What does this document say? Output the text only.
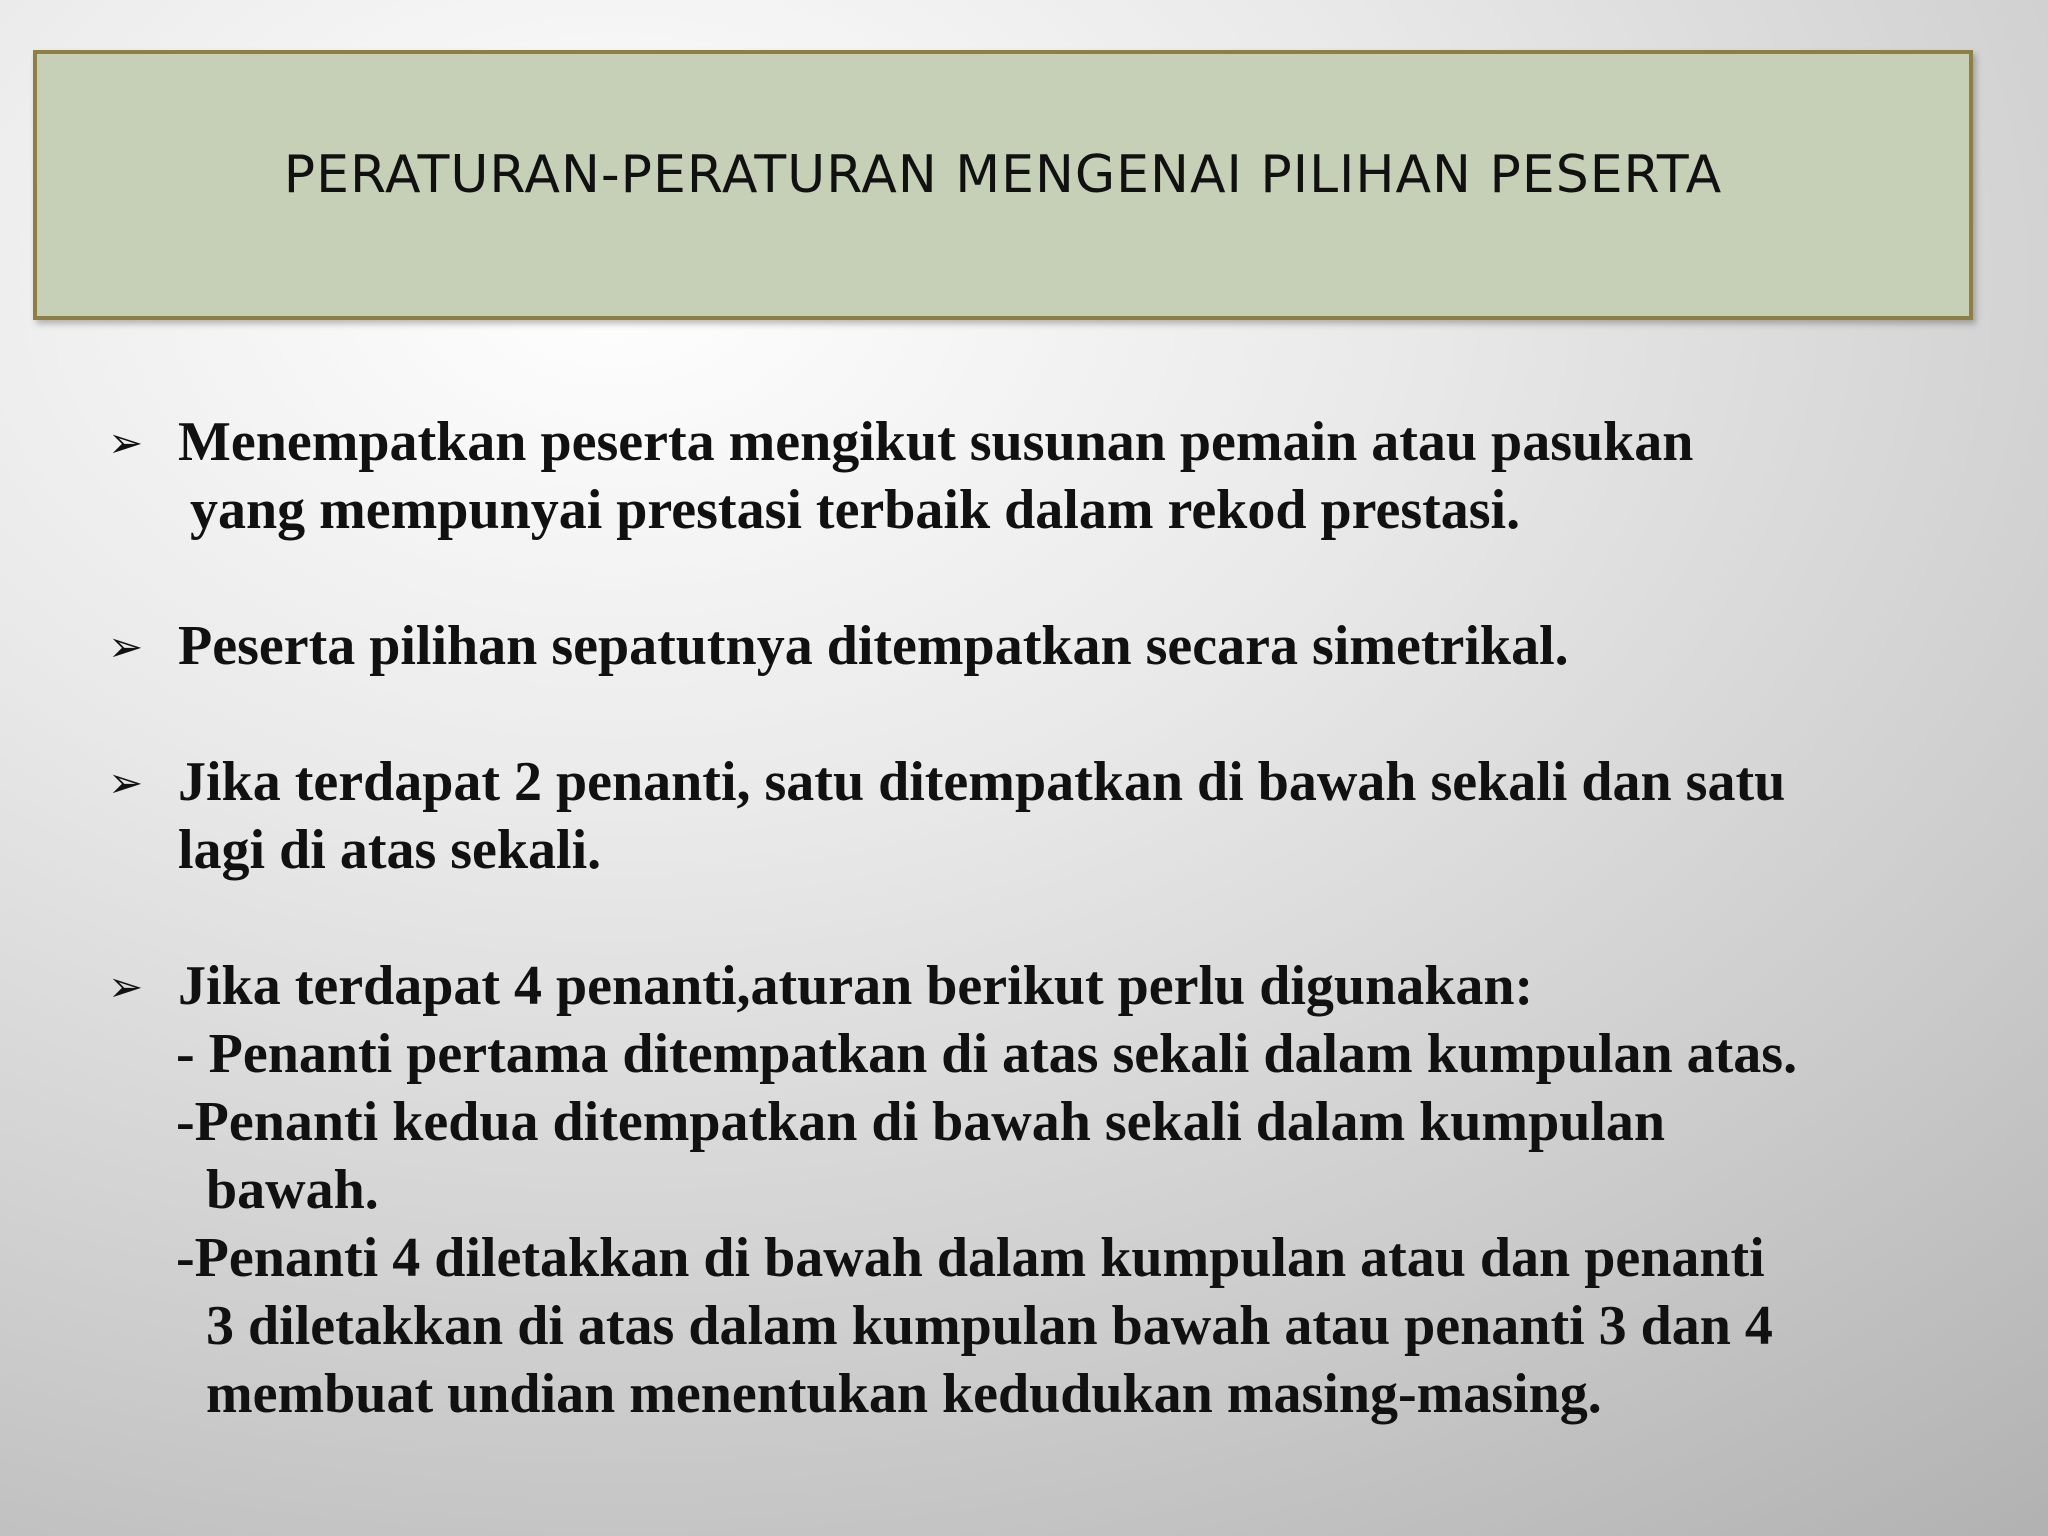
PERATURAN-PERATURAN MENGENAI PILIHAN PESERTA
➢ Menempatkan peserta mengikut susunan pemain atau pasukan
yang mempunyai prestasi terbaik dalam rekod prestasi.
➢ Peserta pilihan sepatutnya ditempatkan secara simetrikal.
➢ Jika terdapat 2 penanti, satu ditempatkan di bawah sekali dan satu
lagi di atas sekali.
➢ Jika terdapat 4 penanti,aturan berikut perlu digunakan:
- Penanti pertama ditempatkan di atas sekali dalam kumpulan atas.
-Penanti kedua ditempatkan di bawah sekali dalam kumpulan
bawah.
-Penanti 4 diletakkan di bawah dalam kumpulan atau dan penanti
3 diletakkan di atas dalam kumpulan bawah atau penanti 3 dan 4
membuat undian menentukan kedudukan masing-masing.
